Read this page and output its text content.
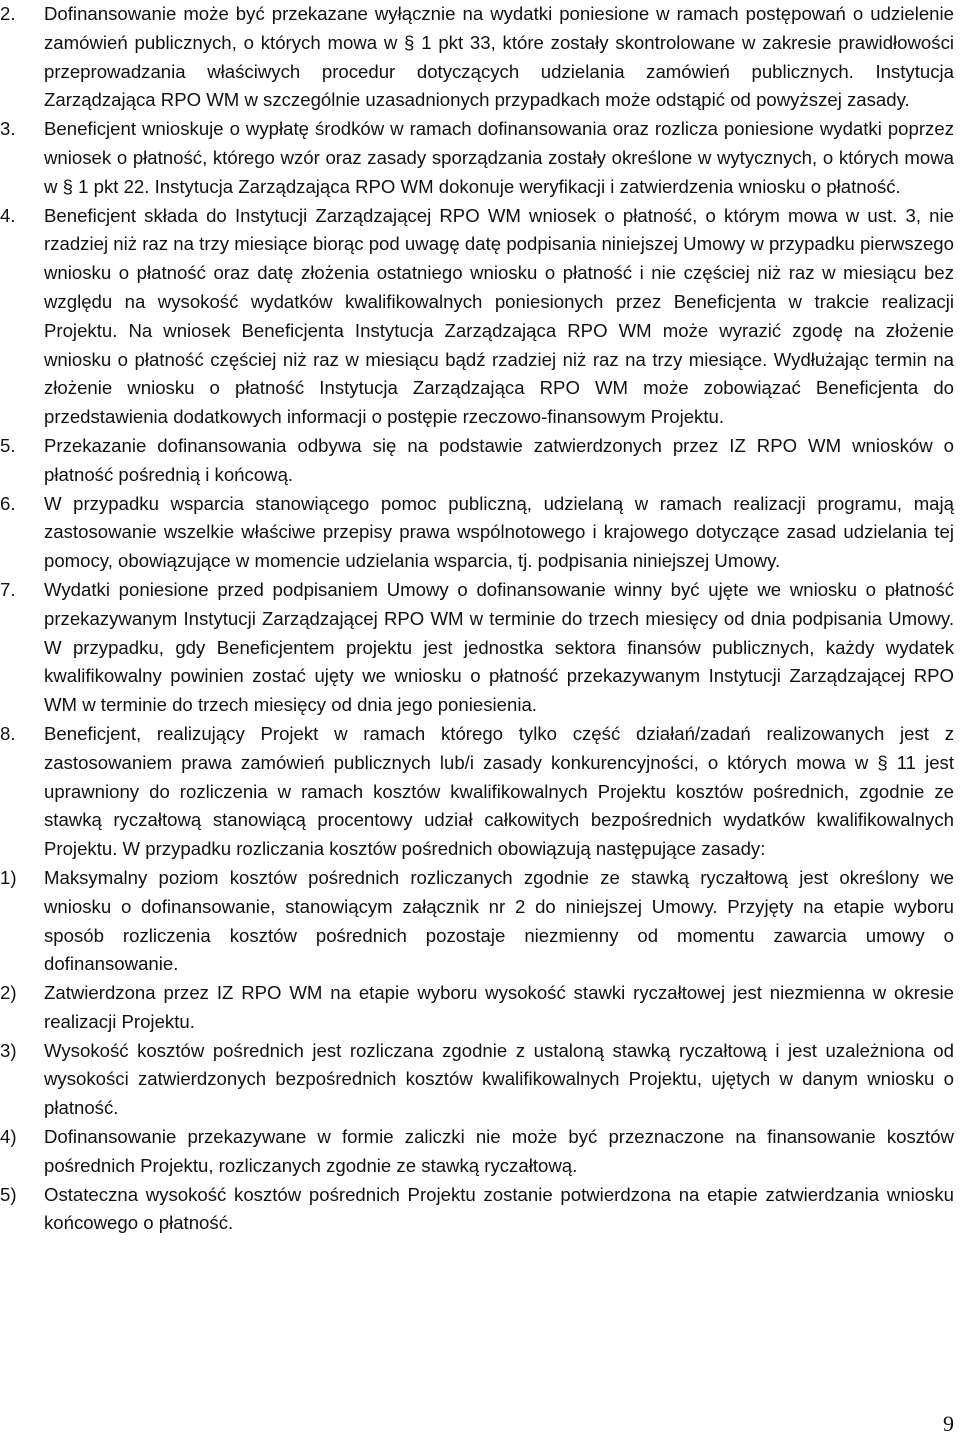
2.	Dofinansowanie może być przekazane wyłącznie na wydatki poniesione w ramach postępowań o udzielenie zamówień publicznych, o których mowa w § 1 pkt 33, które zostały skontrolowane w zakresie prawidłowości przeprowadzania właściwych procedur dotyczących udzielania zamówień publicznych. Instytucja Zarządzająca RPO WM w szczególnie uzasadnionych przypadkach może odstąpić od powyższej zasady.
3.	Beneficjent wnioskuje o wypłatę środków w ramach dofinansowania oraz rozlicza poniesione wydatki poprzez wniosek o płatność, którego wzór oraz zasady sporządzania zostały określone w wytycznych, o których mowa w § 1 pkt 22. Instytucja Zarządzająca RPO WM dokonuje weryfikacji i zatwierdzenia wniosku o płatność.
4.	Beneficjent składa do Instytucji Zarządzającej RPO WM wniosek o płatność, o którym mowa w ust. 3, nie rzadziej niż raz na trzy miesiące biorąc pod uwagę datę podpisania niniejszej Umowy w przypadku pierwszego wniosku o płatność oraz datę złożenia ostatniego wniosku o płatność i nie częściej niż raz w miesiącu bez względu na wysokość wydatków kwalifikowalnych poniesionych przez Beneficjenta w trakcie realizacji Projektu. Na wniosek Beneficjenta Instytucja Zarządzająca RPO WM może wyrazić zgodę na złożenie wniosku o płatność częściej niż raz w miesiącu bądź rzadziej niż raz na trzy miesiące. Wydłużając termin na złożenie wniosku o płatność Instytucja Zarządzająca RPO WM może zobowiązać Beneficjenta do przedstawienia dodatkowych informacji o postępie rzeczowo-finansowym Projektu.
5.	Przekazanie dofinansowania odbywa się na podstawie zatwierdzonych przez IZ RPO WM wniosków o płatność pośrednią i końcową.
6.	W przypadku wsparcia stanowiącego pomoc publiczną, udzielaną w ramach realizacji programu, mają zastosowanie wszelkie właściwe przepisy prawa wspólnotowego i krajowego dotyczące zasad udzielania tej pomocy, obowiązujące w momencie udzielania wsparcia, tj. podpisania niniejszej Umowy.
7.	Wydatki poniesione przed podpisaniem Umowy o dofinansowanie winny być ujęte we wniosku o płatność przekazywanym Instytucji Zarządzającej RPO WM w terminie do trzech miesięcy od dnia podpisania Umowy. W przypadku, gdy Beneficjentem projektu jest jednostka sektora finansów publicznych, każdy wydatek kwalifikowalny powinien zostać ujęty we wniosku o płatność przekazywanym Instytucji Zarządzającej RPO WM w terminie do trzech miesięcy od dnia jego poniesienia.
8.	Beneficjent, realizujący Projekt w ramach którego tylko część działań/zadań realizowanych jest z zastosowaniem prawa zamówień publicznych lub/i zasady konkurencyjności, o których mowa w § 11 jest uprawniony do rozliczenia w ramach kosztów kwalifikowalnych Projektu kosztów pośrednich, zgodnie ze stawką ryczałtową stanowiącą procentowy udział całkowitych bezpośrednich wydatków kwalifikowalnych Projektu. W przypadku rozliczania kosztów pośrednich obowiązują następujące zasady:
1)	Maksymalny poziom kosztów pośrednich rozliczanych zgodnie ze stawką ryczałtową jest określony we wniosku o dofinansowanie, stanowiącym załącznik nr 2 do niniejszej Umowy. Przyjęty na etapie wyboru sposób rozliczenia kosztów pośrednich pozostaje niezmienny od momentu zawarcia umowy o dofinansowanie.
2)	Zatwierdzona przez IZ RPO WM na etapie wyboru wysokość stawki ryczałtowej jest niezmienna w okresie realizacji Projektu.
3)	Wysokość kosztów pośrednich jest rozliczana zgodnie z ustaloną stawką ryczałtową i jest uzależniona od wysokości zatwierdzonych bezpośrednich kosztów kwalifikowalnych Projektu, ujętych w danym wniosku o płatność.
4)	Dofinansowanie przekazywane w formie zaliczki nie może być przeznaczone na finansowanie kosztów pośrednich Projektu, rozliczanych zgodnie ze stawką ryczałtową.
5)	Ostateczna wysokość kosztów pośrednich Projektu zostanie potwierdzona na etapie zatwierdzania wniosku końcowego o płatność.
9
